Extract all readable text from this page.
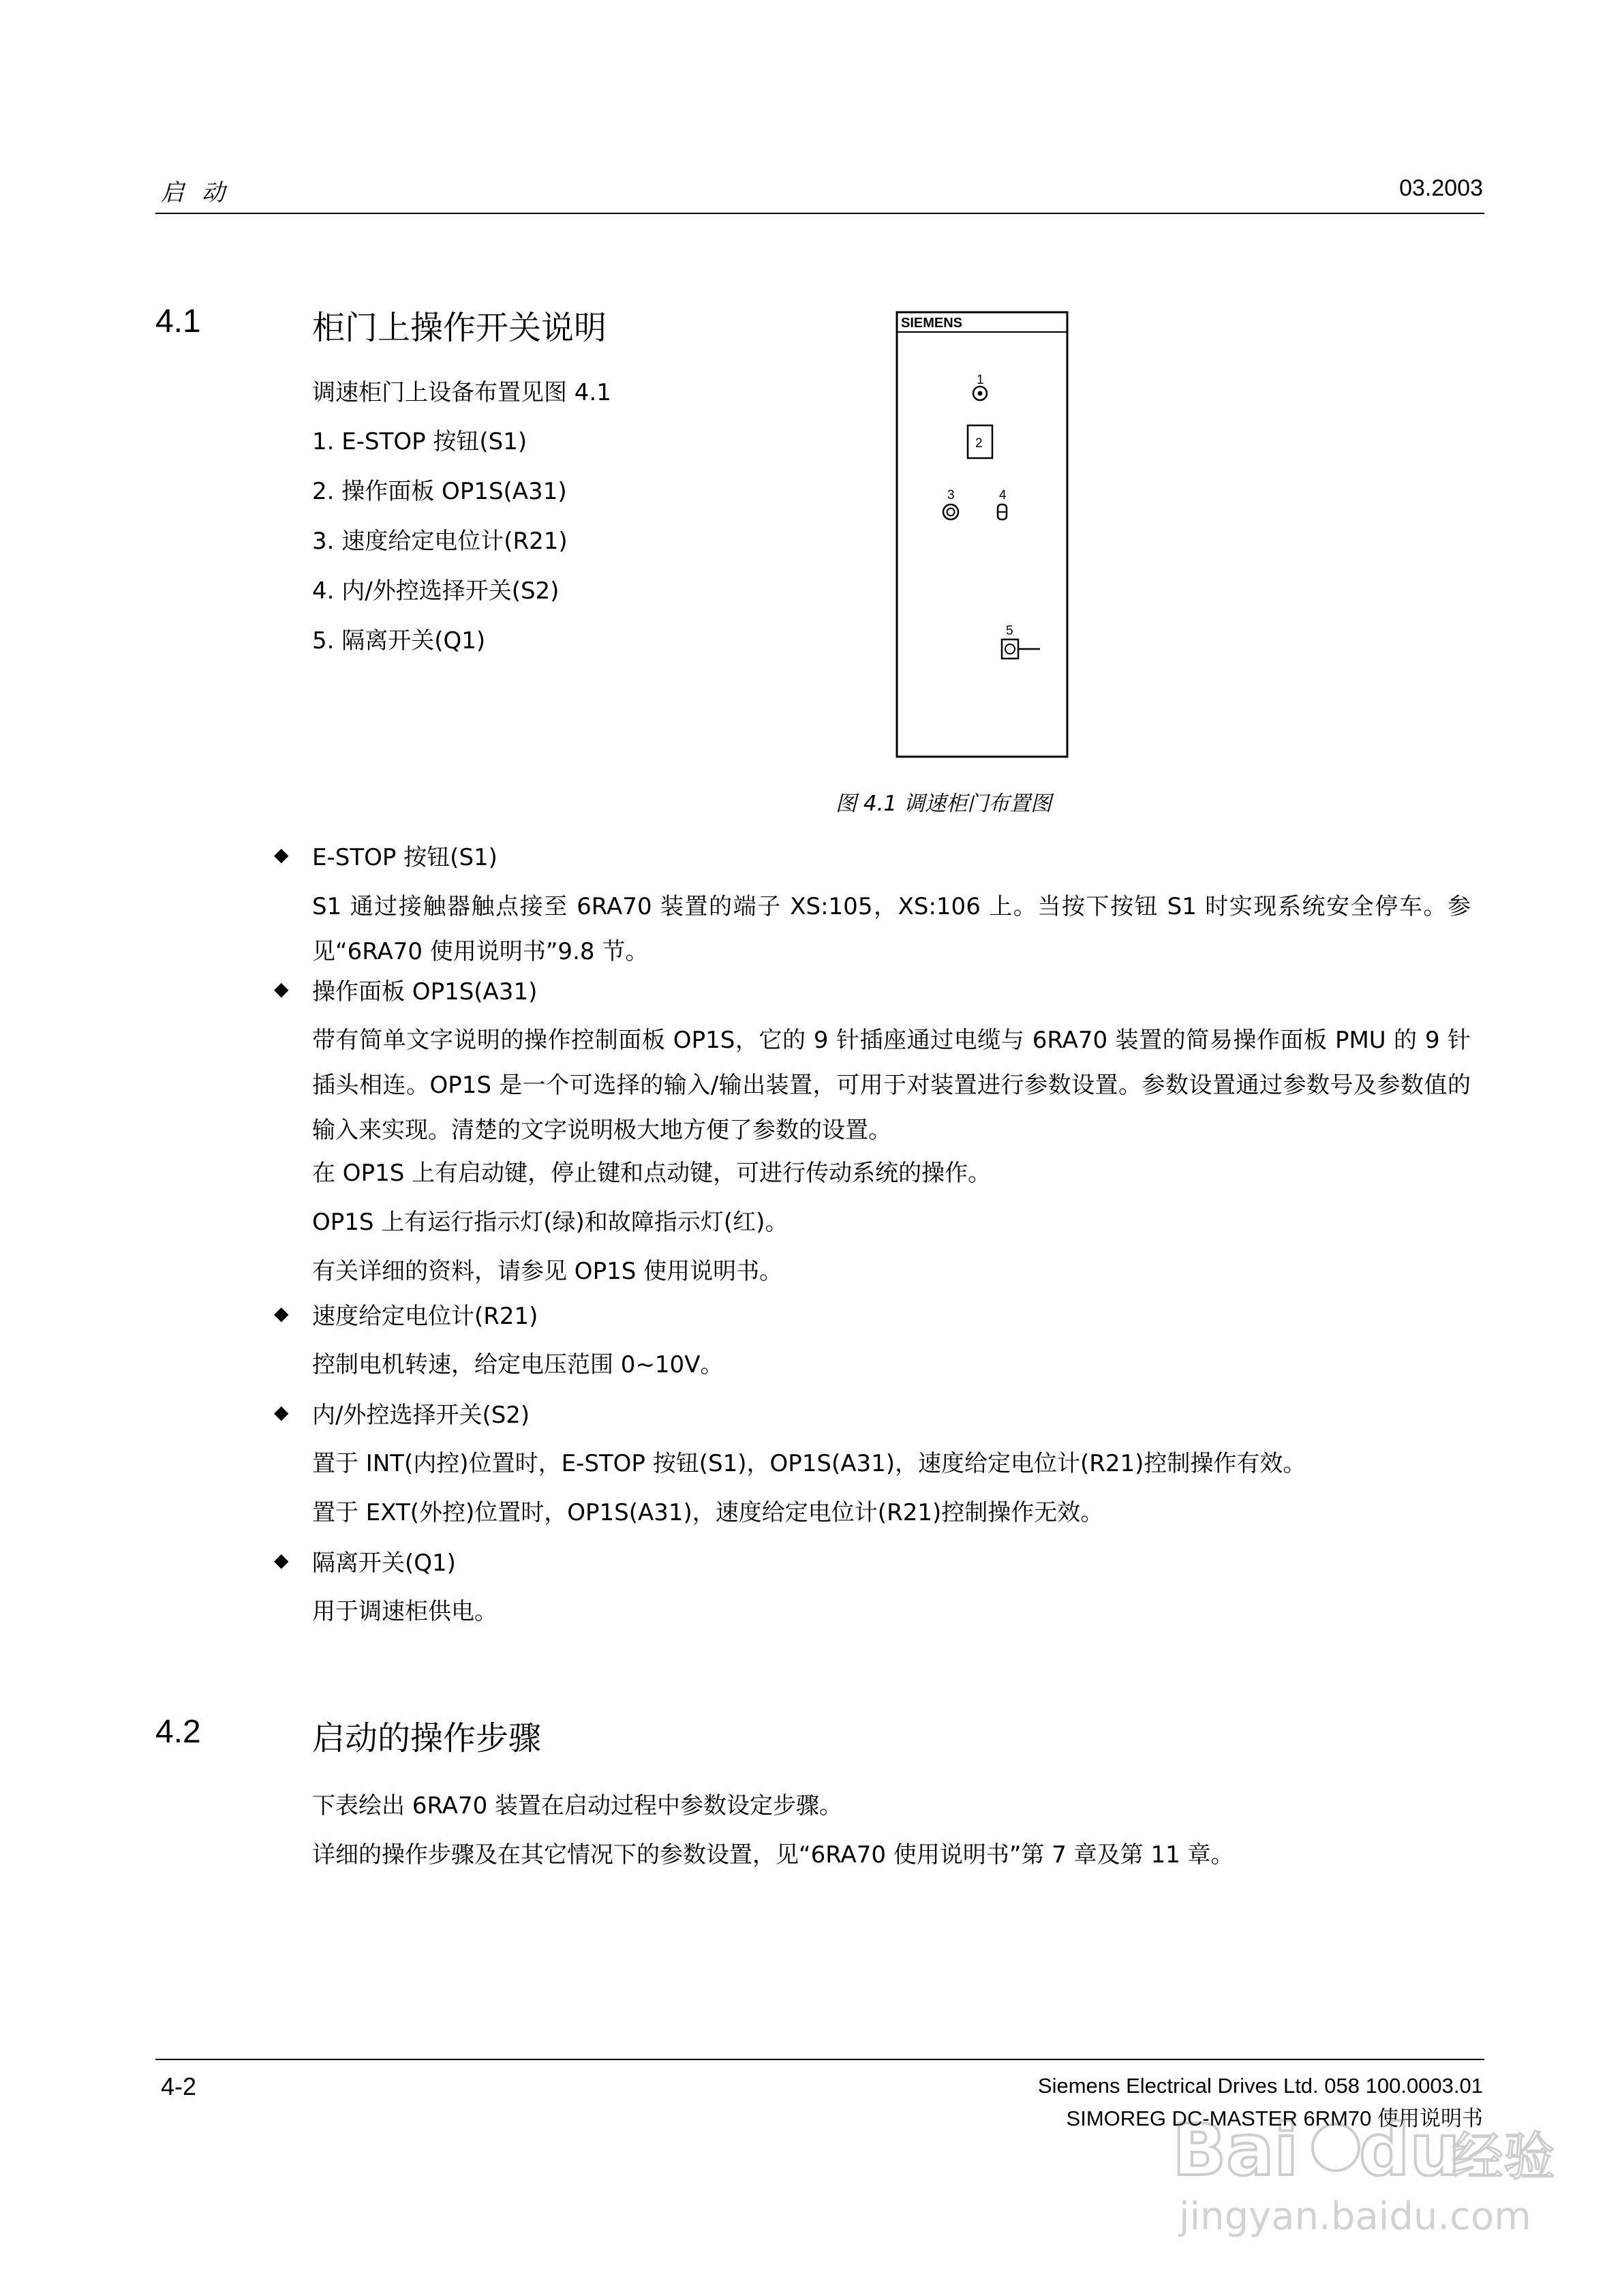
启动	03.2003
4.1	柜门上操作开关说明
调速柜门上设备布置见图 4.1
1. E-STOP 按钮(S1)
2. 操作面板 OP1S(A31)
3. 速度给定电位计(R21)
4. 内/外控选择开关(S2)
5. 隔离开关(Q1)
SIEMENS
1
2
3	4
5
图 4.1 调速柜门布置图
◆ E-STOP 按钮(S1)
S1 通过接触器触点接至 6RA70 装置的端子 XS:105，XS:106 上。当按下按钮 S1 时实现系统安全停车。参见“6RA70 使用说明书”9.8 节。
◆ 操作面板 OP1S(A31)
带有简单文字说明的操作控制面板 OP1S，它的 9 针插座通过电缆与 6RA70 装置的简易操作面板 PMU 的 9 针插头相连。OP1S 是一个可选择的输入/输出装置，可用于对装置进行参数设置。参数设置通过参数号及参数值的输入来实现。清楚的文字说明极大地方便了参数的设置。
在 OP1S 上有启动键，停止键和点动键，可进行传动系统的操作。
OP1S 上有运行指示灯(绿)和故障指示灯(红)。
有关详细的资料，请参见 OP1S 使用说明书。
◆ 速度给定电位计(R21)
控制电机转速，给定电压范围 0~10V。
◆ 内/外控选择开关(S2)
置于 INT(内控)位置时，E-STOP 按钮(S1)，OP1S(A31)，速度给定电位计(R21)控制操作有效。
置于 EXT(外控)位置时，OP1S(A31)，速度给定电位计(R21)控制操作无效。
◆ 隔离开关(Q1)
用于调速柜供电。
4.2	启动的操作步骤
下表绘出 6RA70 装置在启动过程中参数设定步骤。
详细的操作步骤及在其它情况下的参数设置，见“6RA70 使用说明书”第 7 章及第 11 章。
4-2	Siemens Electrical Drives Ltd. 058 100.0003.01
SIMOREG DC-MASTER 6RM70 使用说明书
Bai du
经验
jingyan.baidu.com
